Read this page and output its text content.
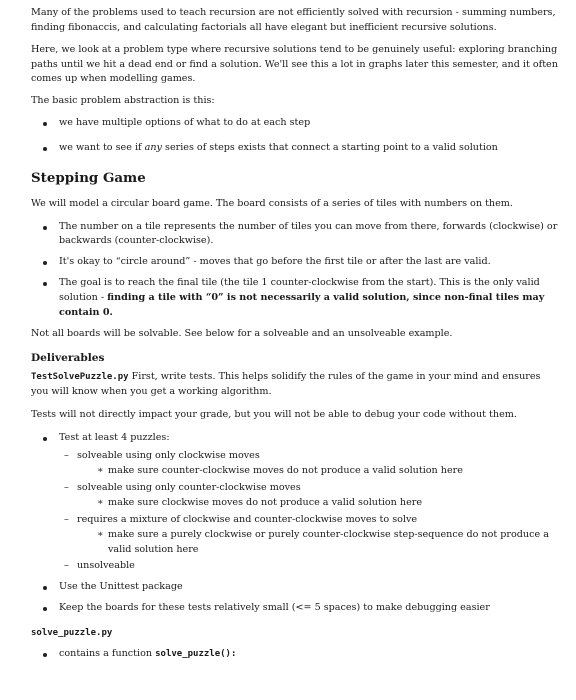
Many of the problems used to teach recursion are not efficiently solved with recursion - summing numbers, finding fibonaccis, and calculating factorials all have elegant but inefficient recursive solutions.

Here, we look at a problem type where recursive solutions tend to be genuinely useful: exploring branching paths until we hit a dead end or find a solution. We'll see this a lot in graphs later this semester, and it often comes up when modelling games.

The basic problem abstraction is this:

we have multiple options of what to do at each step
we want to see if any series of steps exists that connect a starting point to a valid solution
Stepping Game

We will model a circular board game. The board consists of a series of tiles with numbers on them.

The number on a tile represents the number of tiles you can move from there, forwards (clockwise) or backwards (counter-clockwise).
It's okay to “circle around” - moves that go before the first tile or after the last are valid.
The goal is to reach the final tile (the tile 1 counter-clockwise from the start). This is the only valid solution - finding a tile with “0” is not necessarily a valid solution, since non-final tiles may contain 0.

Not all boards will be solvable. See below for a solveable and an unsolveable example.

Deliverables

TestSolvePuzzle.py First, write tests. This helps solidify the rules of the game in your mind and ensures you will know when you get a working algorithm.

Tests will not directly impact your grade, but you will not be able to debug your code without them.

Test at least 4 puzzles:
– solveable using only clockwise moves
∗ make sure counter-clockwise moves do not produce a valid solution here
– solveable using only counter-clockwise moves
∗ make sure clockwise moves do not produce a valid solution here
– requires a mixture of clockwise and counter-clockwise moves to solve
∗ make sure a purely clockwise or purely counter-clockwise step-sequence do not produce a valid solution here
– unsolveable
Use the Unittest package
Keep the boards for these tests relatively small (<= 5 spaces) to make debugging easier
solve_puzzle.py
contains a function solve_puzzle():
